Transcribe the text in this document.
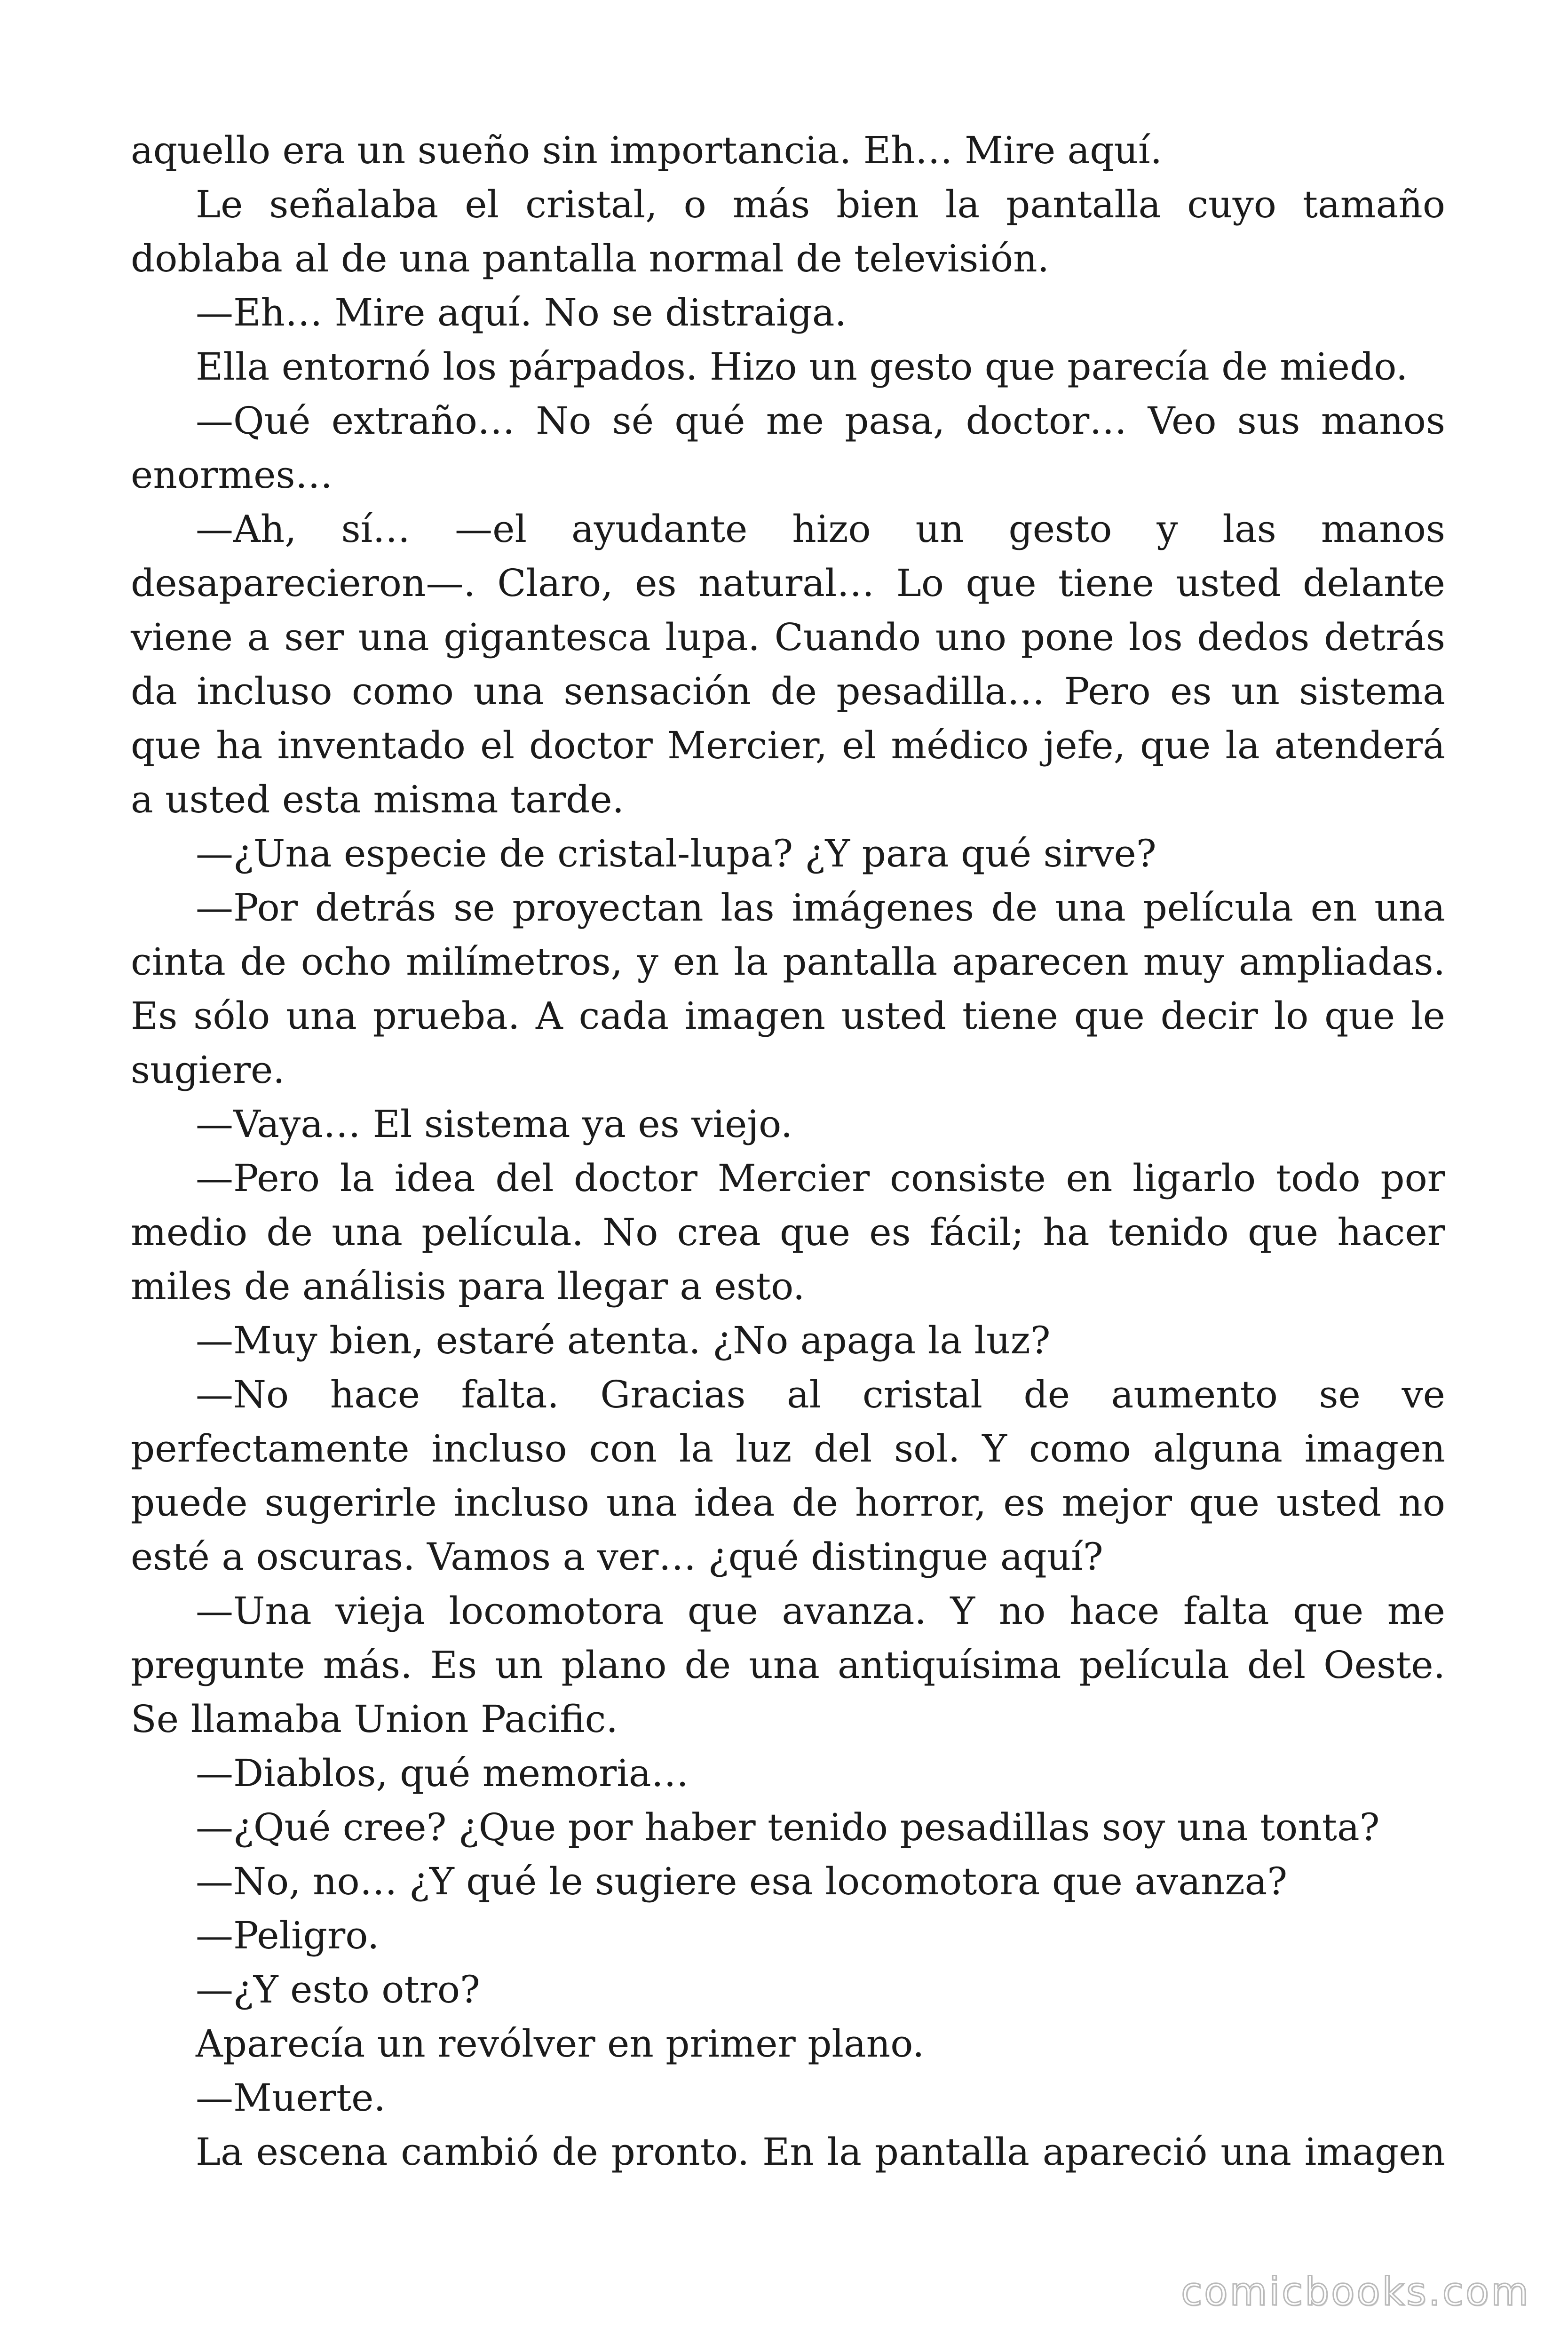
aquello era un sueño sin importancia. Eh… Mire aquí.

Le señalaba el cristal, o más bien la pantalla cuyo tamaño doblaba al de una pantalla normal de televisión.

—Eh… Mire aquí. No se distraiga.

Ella entornó los párpados. Hizo un gesto que parecía de miedo.

—Qué extraño… No sé qué me pasa, doctor… Veo sus manos enormes…

—Ah, sí… —el ayudante hizo un gesto y las manos desaparecieron—. Claro, es natural… Lo que tiene usted delante viene a ser una gigantesca lupa. Cuando uno pone los dedos detrás da incluso como una sensación de pesadilla… Pero es un sistema que ha inventado el doctor Mercier, el médico jefe, que la atenderá a usted esta misma tarde.

—¿Una especie de cristal-lupa? ¿Y para qué sirve?

—Por detrás se proyectan las imágenes de una película en una cinta de ocho milímetros, y en la pantalla aparecen muy ampliadas. Es sólo una prueba. A cada imagen usted tiene que decir lo que le sugiere.

—Vaya… El sistema ya es viejo.

—Pero la idea del doctor Mercier consiste en ligarlo todo por medio de una película. No crea que es fácil; ha tenido que hacer miles de análisis para llegar a esto.

—Muy bien, estaré atenta. ¿No apaga la luz?

—No hace falta. Gracias al cristal de aumento se ve perfectamente incluso con la luz del sol. Y como alguna imagen puede sugerirle incluso una idea de horror, es mejor que usted no esté a oscuras. Vamos a ver… ¿qué distingue aquí?

—Una vieja locomotora que avanza. Y no hace falta que me pregunte más. Es un plano de una antiquísima película del Oeste. Se llamaba Union Pacific.

—Diablos, qué memoria…

—¿Qué cree? ¿Que por haber tenido pesadillas soy una tonta?

—No, no… ¿Y qué le sugiere esa locomotora que avanza?

—Peligro.

—¿Y esto otro?

Aparecía un revólver en primer plano.

—Muerte.

La escena cambió de pronto. En la pantalla apareció una imagen

comicbooks.com
